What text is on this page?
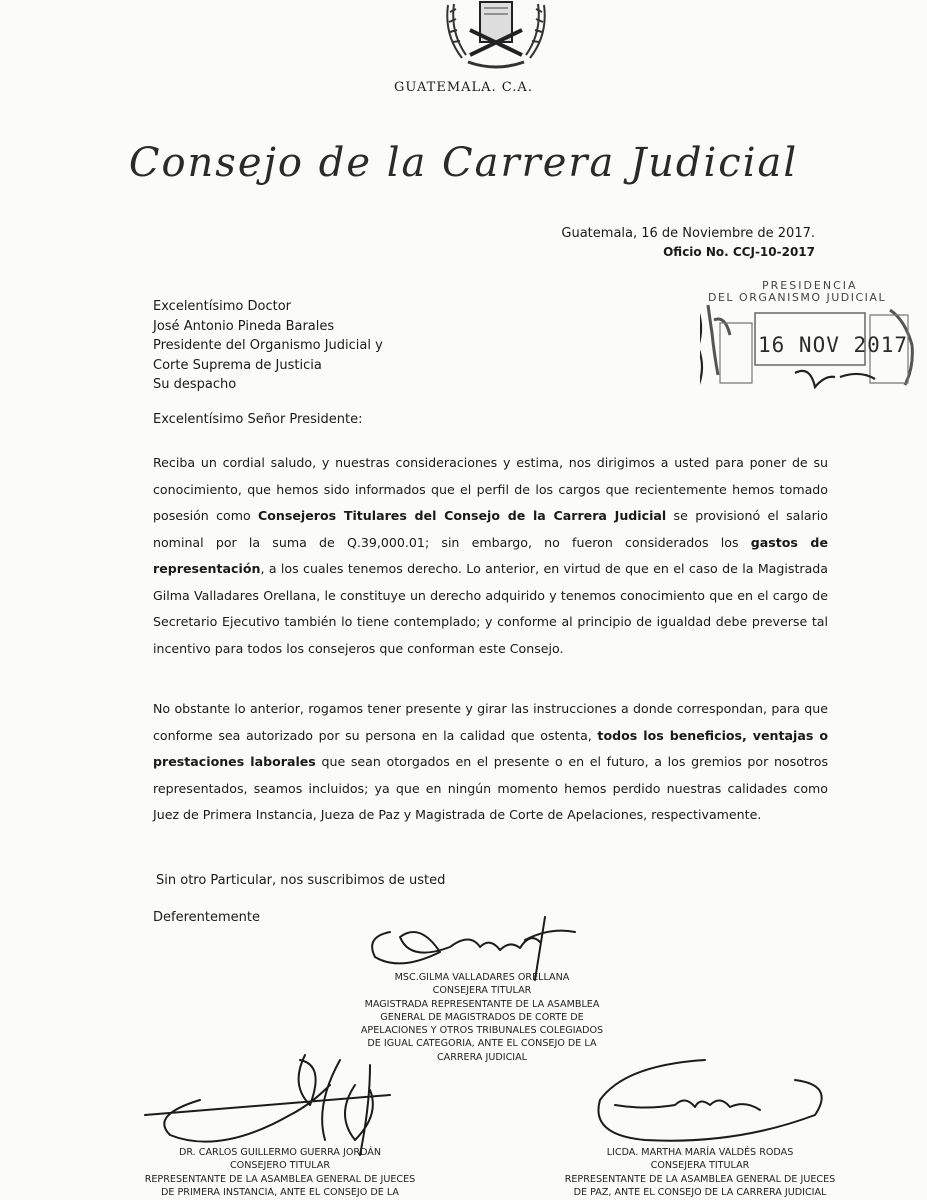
GUATEMALA. C.A.
Consejo de la Carrera Judicial
Guatemala, 16 de Noviembre de 2017.
Oficio No. CCJ-10-2017
PRESIDENCIA
DEL ORGANISMO JUDICIAL
16 NOV 2017
Excelentísimo Doctor
José Antonio Pineda Barales
Presidente del Organismo Judicial y
Corte Suprema de Justicia
Su despacho
Excelentísimo Señor Presidente:
Reciba un cordial saludo, y nuestras consideraciones y estima, nos dirigimos a usted para poner de su conocimiento, que hemos sido informados que el perfil de los cargos que recientemente hemos tomado posesión como Consejeros Titulares del Consejo de la Carrera Judicial se provisionó el salario nominal por la suma de Q.39,000.01; sin embargo, no fueron considerados los gastos de representación, a los cuales tenemos derecho. Lo anterior, en virtud de que en el caso de la Magistrada Gilma Valladares Orellana, le constituye un derecho adquirido y tenemos conocimiento que en el cargo de Secretario Ejecutivo también lo tiene contemplado; y conforme al principio de igualdad debe preverse tal incentivo para todos los consejeros que conforman este Consejo.
No obstante lo anterior, rogamos tener presente y girar las instrucciones a donde correspondan, para que conforme sea autorizado por su persona en la calidad que ostenta, todos los beneficios, ventajas o prestaciones laborales que sean otorgados en el presente o en el futuro, a los gremios por nosotros representados, seamos incluidos; ya que en ningún momento hemos perdido nuestras calidades como Juez de Primera Instancia, Jueza de Paz y Magistrada de Corte de Apelaciones, respectivamente.
Sin otro Particular, nos suscribimos de usted
Deferentemente
MSC.GILMA VALLADARES ORELLANA
CONSEJERA TITULAR
MAGISTRADA REPRESENTANTE DE LA ASAMBLEA
GENERAL DE MAGISTRADOS DE CORTE DE
APELACIONES Y OTROS TRIBUNALES COLEGIADOS
DE IGUAL CATEGORIA, ANTE EL CONSEJO DE LA
CARRERA JUDICIAL
DR. CARLOS GUILLERMO GUERRA JORDÁN
CONSEJERO TITULAR
REPRESENTANTE DE LA ASAMBLEA GENERAL DE JUECES
DE PRIMERA INSTANCIA, ANTE EL CONSEJO DE LA
LICDA. MARTHA MARÍA VALDÉS RODAS
CONSEJERA TITULAR
REPRESENTANTE DE LA ASAMBLEA GENERAL DE JUECES
DE PAZ, ANTE EL CONSEJO DE LA CARRERA JUDICIAL
